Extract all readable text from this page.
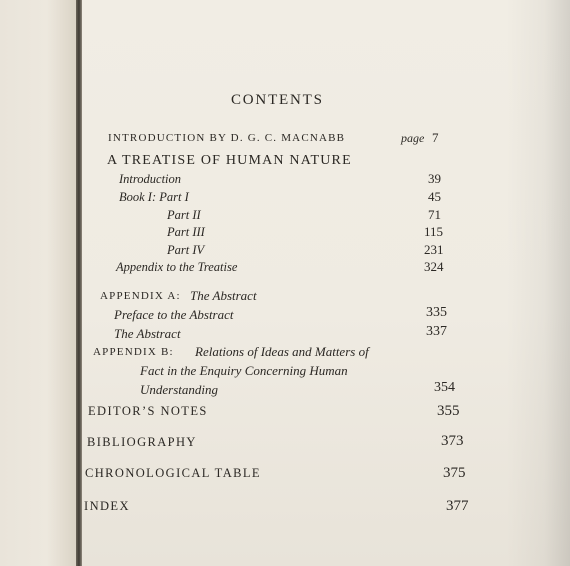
CONTENTS
INTRODUCTION BY D. G. C. MACNABB	page 7
A TREATISE OF HUMAN NATURE
Introduction	39
Book I: Part I	45
Part II	71
Part III	115
Part IV	231
Appendix to the Treatise	324
APPENDIX A: The Abstract
Preface to the Abstract	335
The Abstract	337
APPENDIX B: Relations of Ideas and Matters of
Fact in the Enquiry Concerning Human
Understanding	354
EDITOR’S NOTES	355
BIBLIOGRAPHY	373
CHRONOLOGICAL TABLE	375
INDEX	377
